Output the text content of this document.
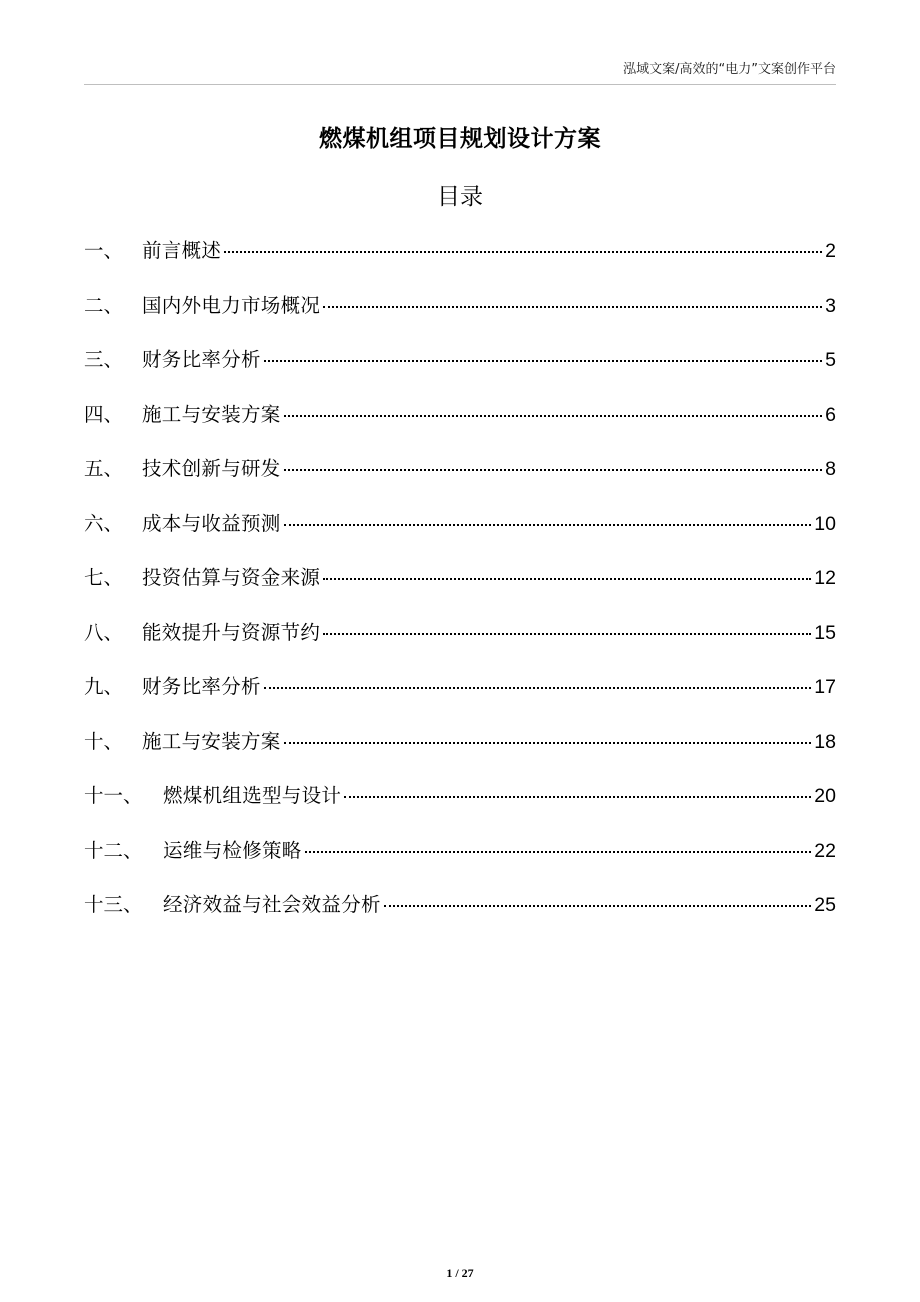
泓域文案/高效的“电力”文案创作平台
燃煤机组项目规划设计方案
目录
一、 前言概述	2
二、 国内外电力市场概况	3
三、 财务比率分析	5
四、 施工与安装方案	6
五、 技术创新与研发	8
六、 成本与收益预测	10
七、 投资估算与资金来源	12
八、 能效提升与资源节约	15
九、 财务比率分析	17
十、 施工与安装方案	18
十一、	燃煤机组选型与设计	20
十二、	运维与检修策略	22
十三、	经济效益与社会效益分析	25
1 / 27
